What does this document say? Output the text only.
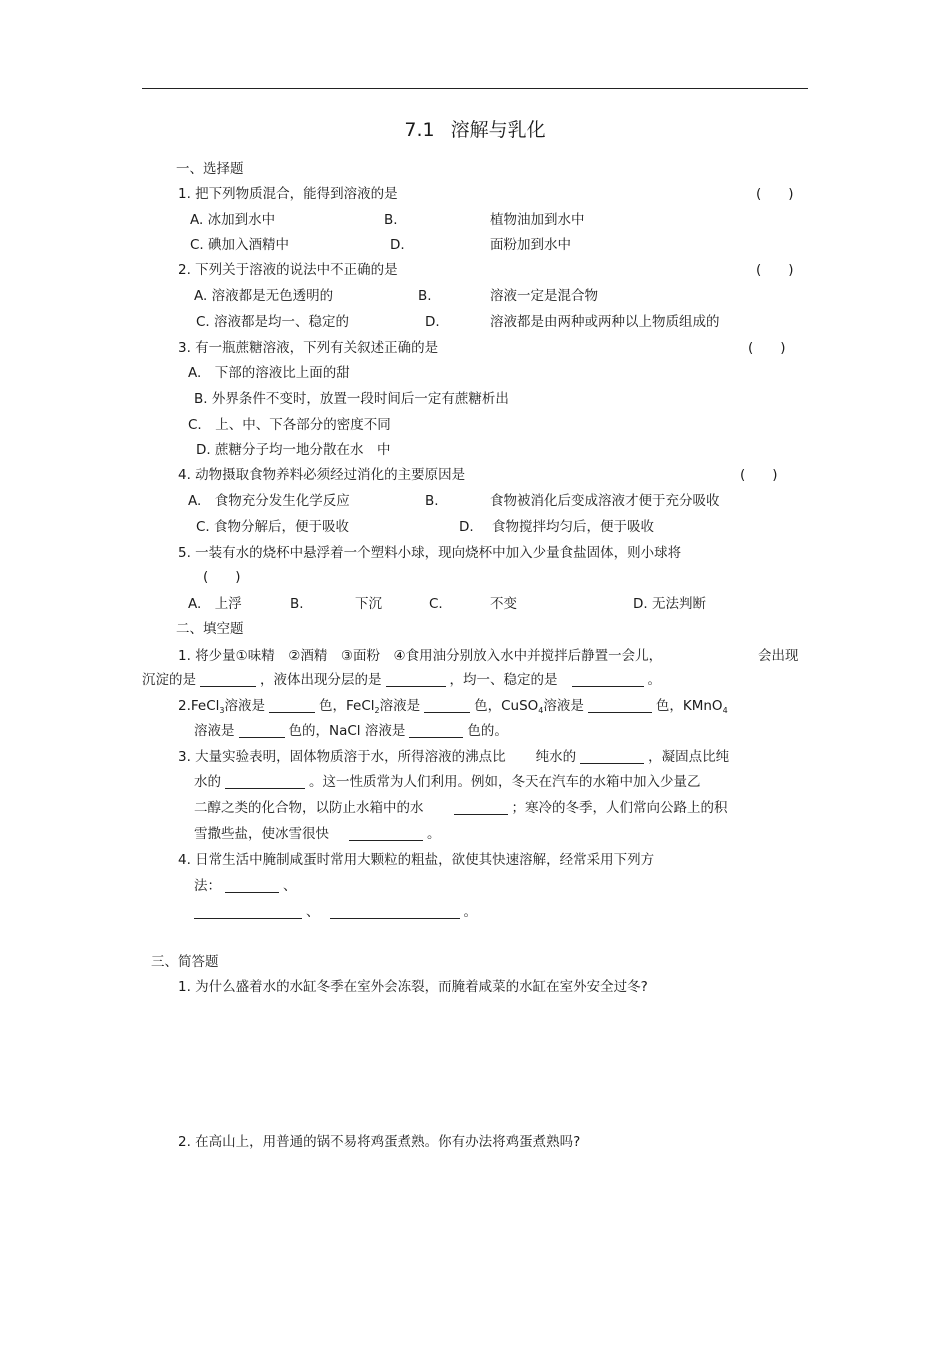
7.1 溶解与乳化
一、选择题
1. 把下列物质混合，能得到溶液的是	(　　)
A. 冰加到水中	B.	植物油加到水中
C. 碘加入酒精中	D.	面粉加到水中
2. 下列关于溶液的说法中不正确的是	(　　)
A. 溶液都是无色透明的	B.	溶液一定是混合物
C. 溶液都是均一、稳定的	D.	溶液都是由两种或两种以上物质组成的
3. 有一瓶蔗糖溶液，下列有关叙述正确的是	(　　)
A.　下部的溶液比上面的甜
B. 外界条件不变时，放置一段时间后一定有蔗糖析出
C.　上、中、下各部分的密度不同
D. 蔗糖分子均一地分散在水　中
4. 动物摄取食物养料必须经过消化的主要原因是	(　　)
A.　食物充分发生化学反应	B.	食物被消化后变成溶液才便于充分吸收
C. 食物分解后，便于吸收	D. 食物搅拌均匀后，便于吸收
5. 一装有水的烧杯中悬浮着一个塑料小球，现向烧杯中加入少量食盐固体，则小球将
(　　)
A.　上浮	B.	下沉	C.	不变	D. 无法判断
二、填空题
1. 将少量①味精　②酒精　③面粉　④食用油分别放入水中并搅拌后静置一会儿，	会出现
沉淀的是	，液体出现分层的是	，均一、稳定的是	。
2.FeCl$_3$溶液是	色，FeCl$_2$溶液是	色，CuSO$_4$溶液是	色，KMnO$_4$
溶液是	色的，NaCl 溶液是	色的。
3. 大量实验表明，固体物质溶于水，所得溶液的沸点比 纯水的	，凝固点比纯
水的	。这一性质常为人们利用。例如，冬天在汽车的水箱中加入少量乙
二醇之类的化合物，以防止水箱中的水	；寒冷的冬季，人们常向公路上的积
雪撒些盐，使冰雪很快	。
4. 日常生活中腌制咸蛋时常用大颗粒的粗盐，欲使其快速溶解，经常采用下列方
法：	、
、	。
三、简答题
1. 为什么盛着水的水缸冬季在室外会冻裂，而腌着咸菜的水缸在室外安全过冬?
2. 在高山上，用普通的锅不易将鸡蛋煮熟。你有办法将鸡蛋煮熟吗?
